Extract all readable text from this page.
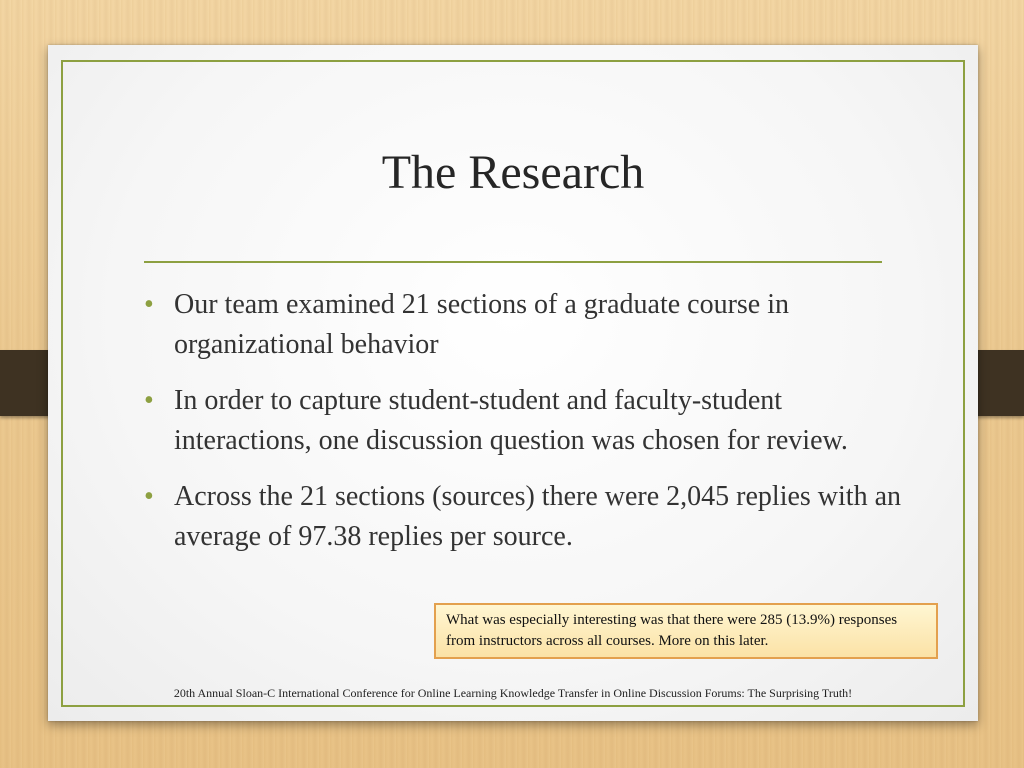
The Research
• Our team examined 21 sections of a graduate course in organizational behavior
• In order to capture student-student and faculty-student interactions, one discussion question was chosen for review.
• Across the 21 sections (sources) there were 2,045 replies with an average of 97.38 replies per source.
What was especially interesting was that there were 285 (13.9%) responses from instructors across all courses. More on this later.
20th Annual Sloan-C International Conference for Online Learning Knowledge Transfer in Online Discussion Forums: The Surprising Truth!
